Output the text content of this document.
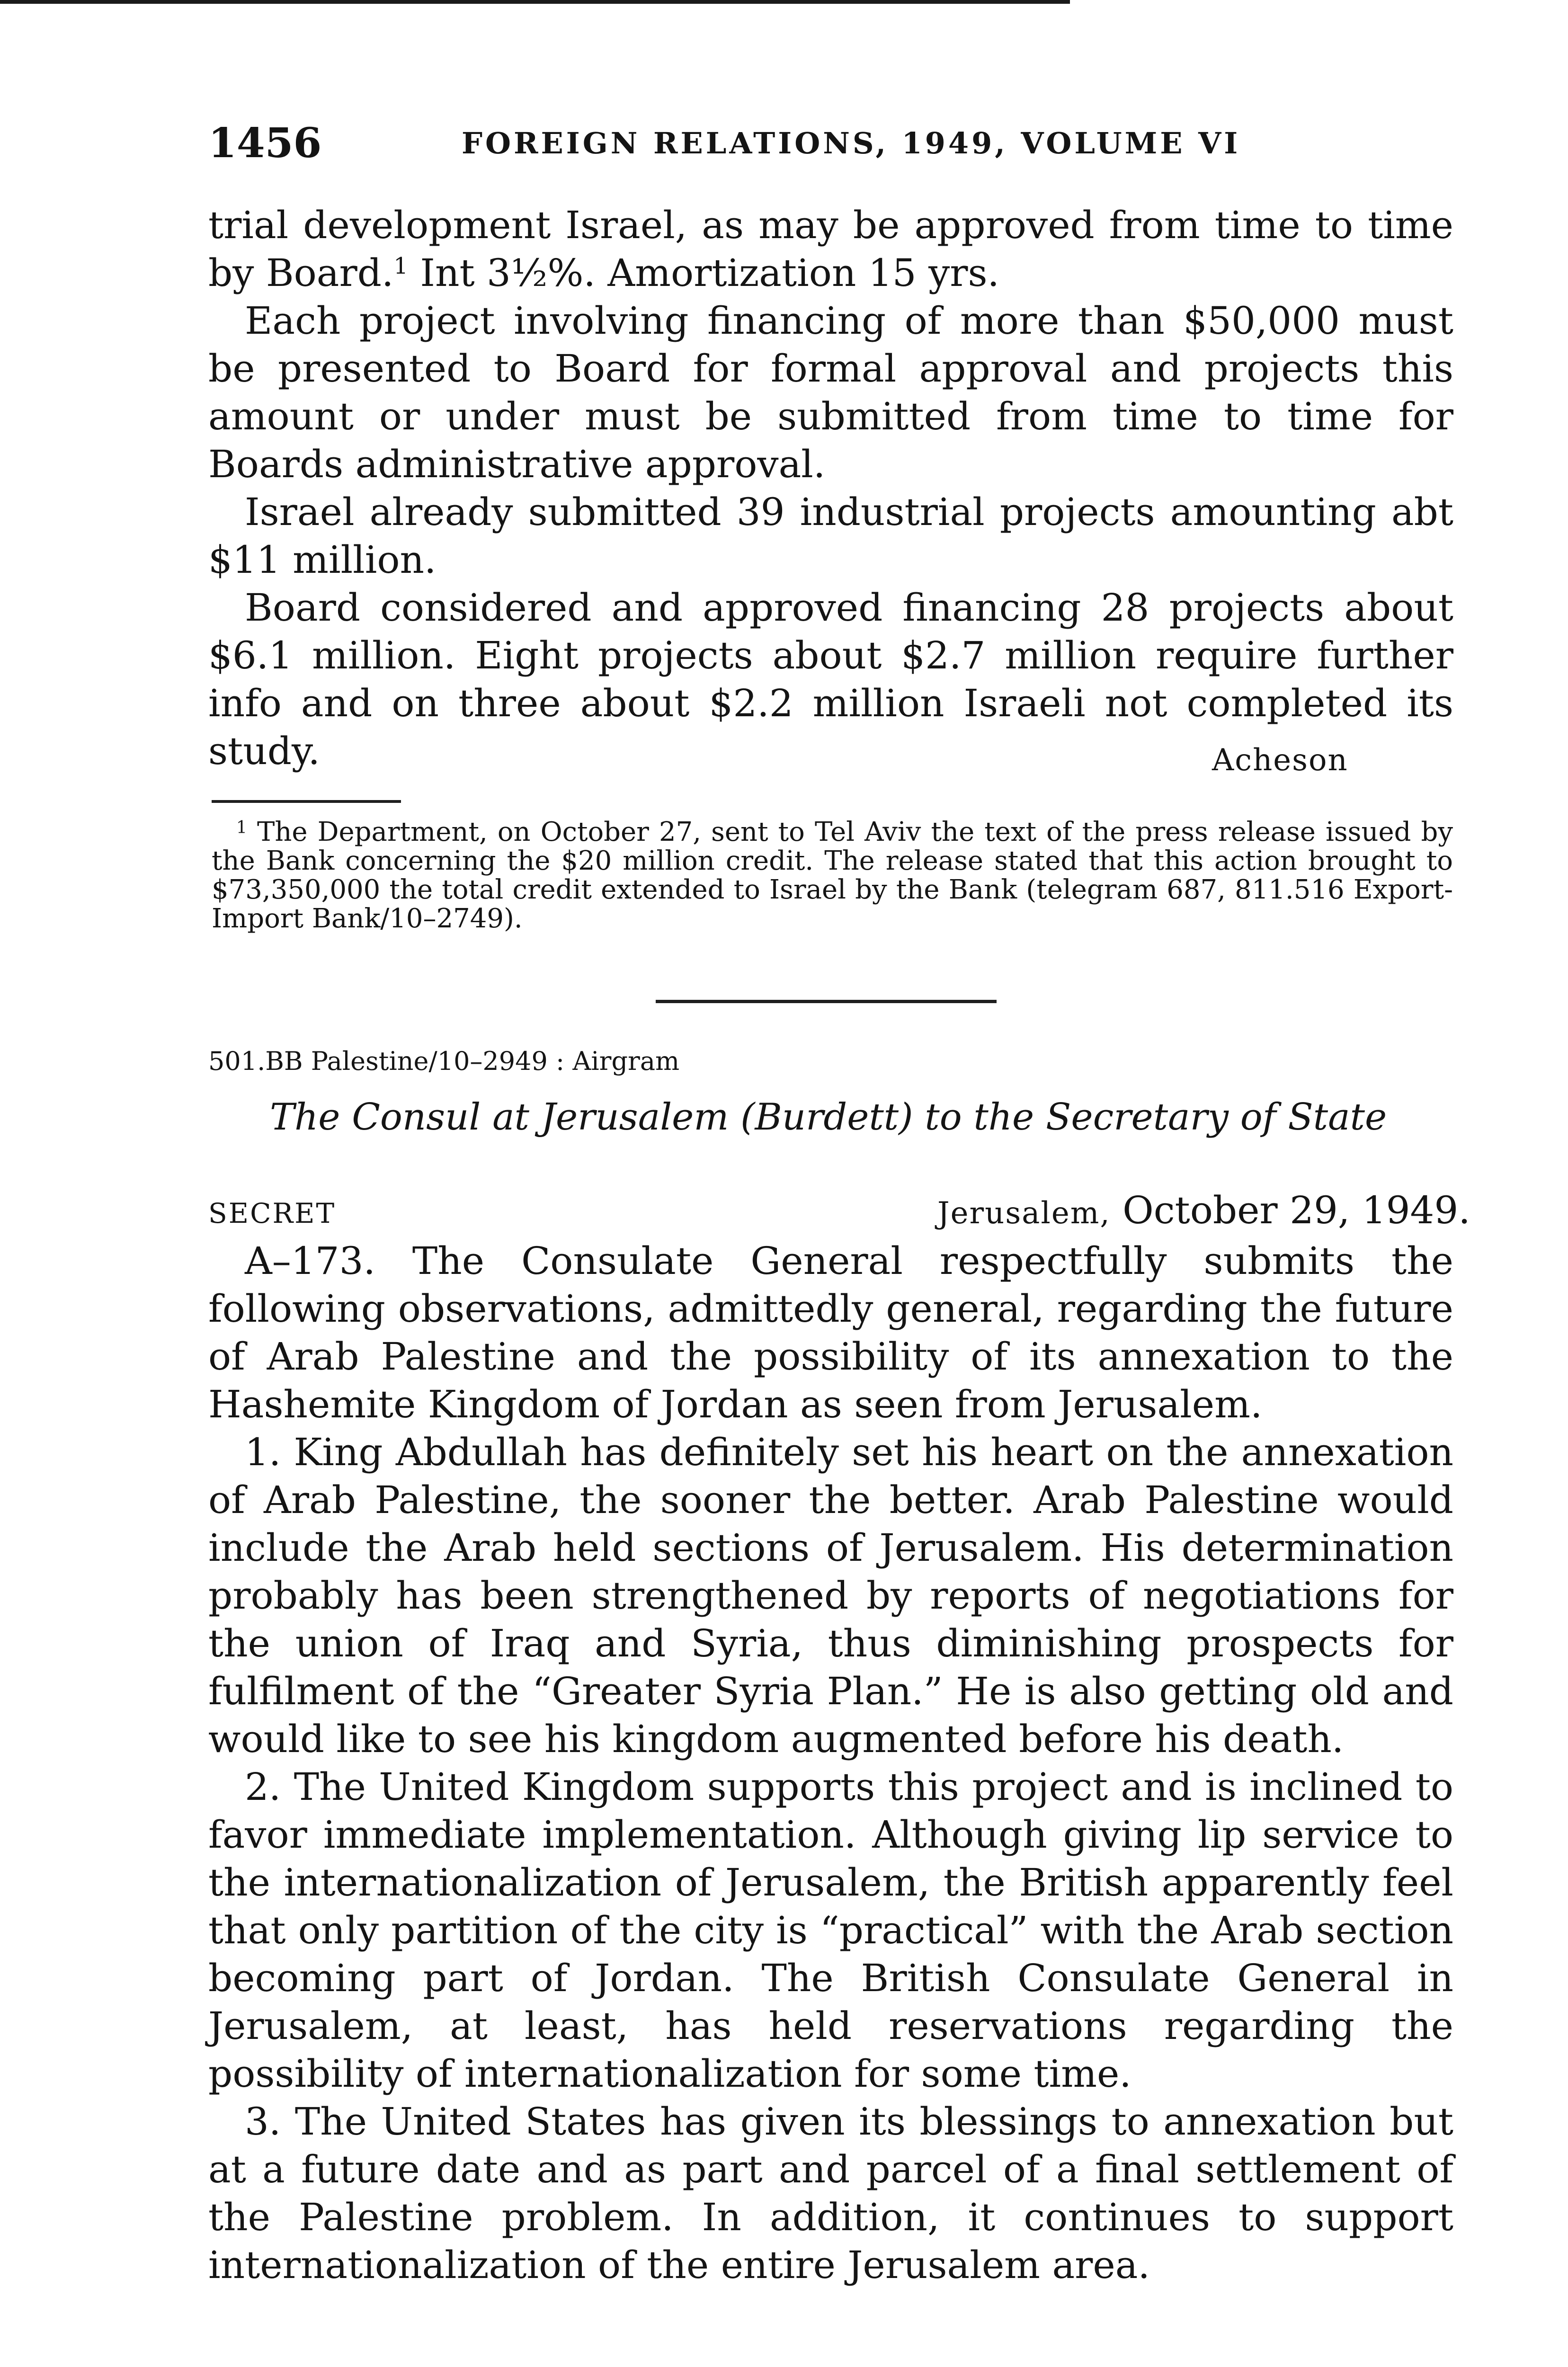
1456	FOREIGN RELATIONS, 1949, VOLUME VI

trial development Israel, as may be approved from time to time by Board.$^1$ Int 3½%. Amortization 15 yrs.

Each project involving financing of more than $50,000 must be presented to Board for formal approval and projects this amount or under must be submitted from time to time for Boards administrative approval.

Israel already submitted 39 industrial projects amounting abt $11 million.

Board considered and approved financing 28 projects about $6.1 million. Eight projects about $2.7 million require further info and on three about $2.2 million Israeli not completed its study.	Acheson

$^1$ The Department, on October 27, sent to Tel Aviv the text of the press release issued by the Bank concerning the $20 million credit. The release stated that this action brought to $73,350,000 the total credit extended to Israel by the Bank (telegram 687, 811.516 Export-Import Bank/10–2749).

501.BB Palestine/10–2949 : Airgram
The Consul at Jerusalem (Burdett) to the Secretary of State
SECRET	Jerusalem, October 29, 1949.

A–173. The Consulate General respectfully submits the following observations, admittedly general, regarding the future of Arab Palestine and the possibility of its annexation to the Hashemite Kingdom of Jordan as seen from Jerusalem.

1. King Abdullah has definitely set his heart on the annexation of Arab Palestine, the sooner the better. Arab Palestine would include the Arab held sections of Jerusalem. His determination probably has been strengthened by reports of negotiations for the union of Iraq and Syria, thus diminishing prospects for fulfilment of the “Greater Syria Plan.” He is also getting old and would like to see his kingdom augmented before his death.

2. The United Kingdom supports this project and is inclined to favor immediate implementation. Although giving lip service to the internationalization of Jerusalem, the British apparently feel that only partition of the city is “practical” with the Arab section becoming part of Jordan. The British Consulate General in Jerusalem, at least, has held reservations regarding the possibility of internationalization for some time.

3. The United States has given its blessings to annexation but at a future date and as part and parcel of a final settlement of the Palestine problem. In addition, it continues to support internationalization of the entire Jerusalem area.
